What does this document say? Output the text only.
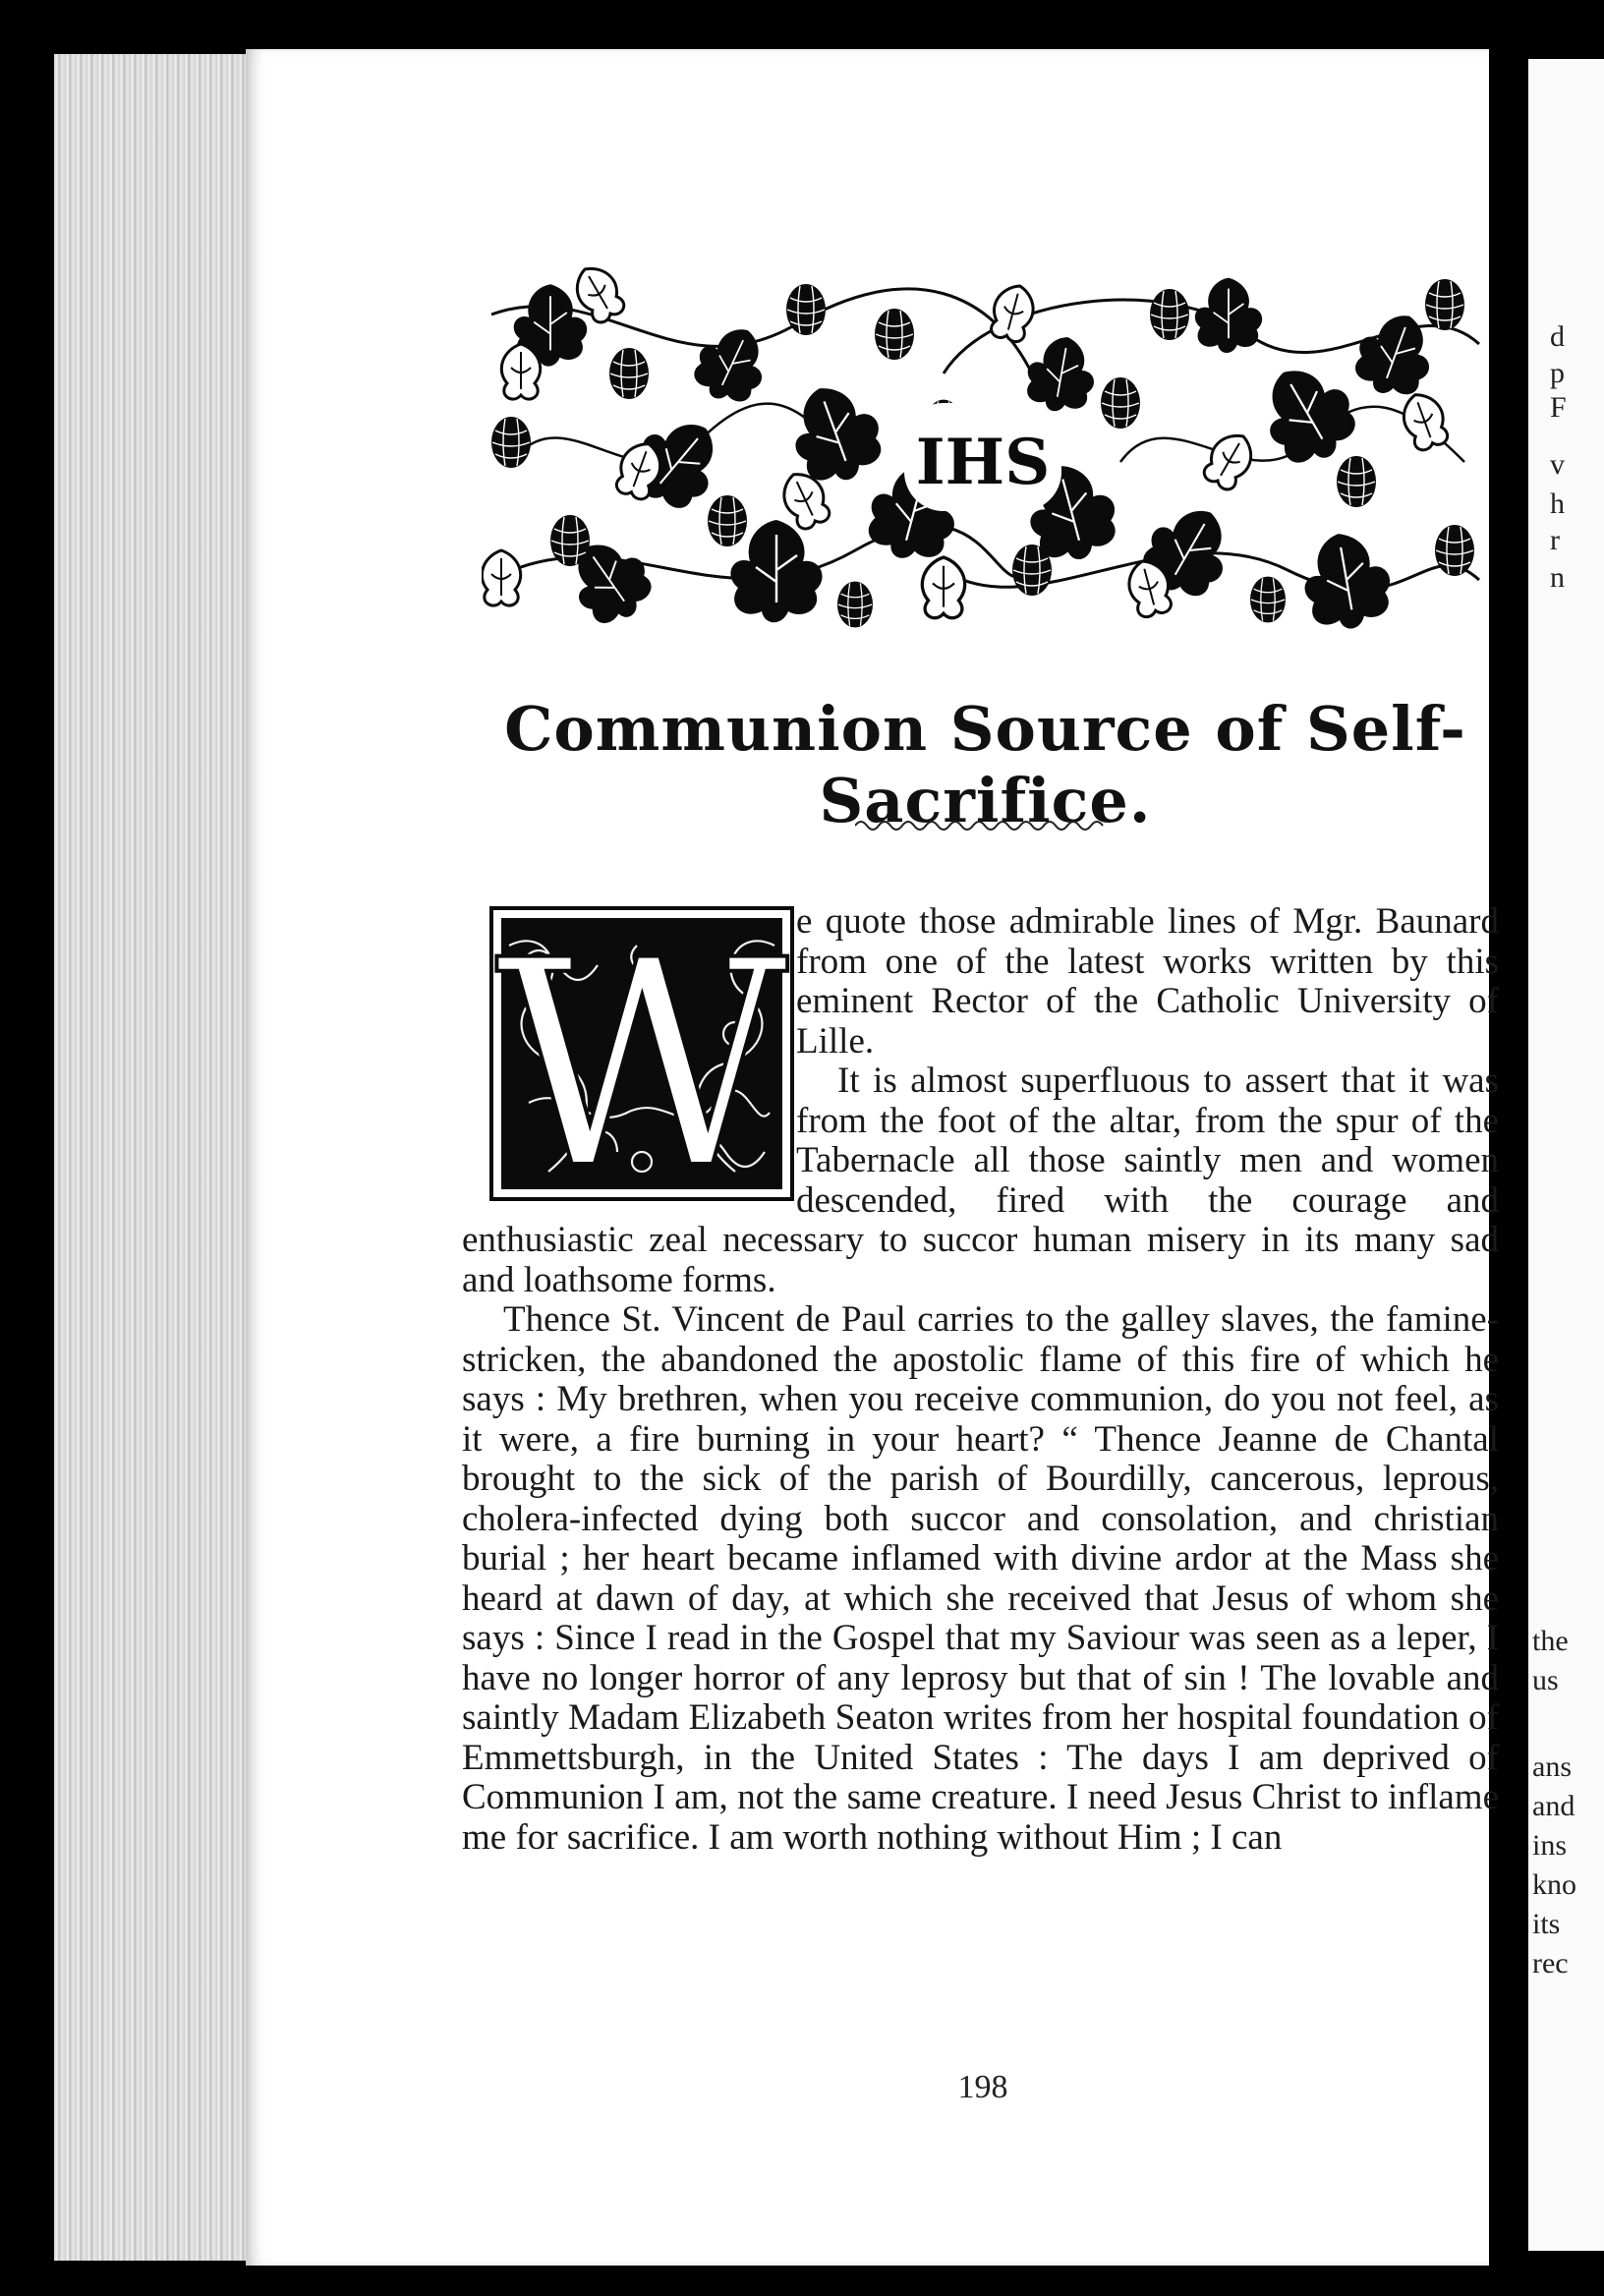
d
p
F
v
h
r
n
the
us
ans
and
ins
kno
its
rec
IHS
Communion Source of Self-Sacrifice.
W e quote those admirable lines of Mgr. Baunard from one of the latest works written by this eminent Rector of the Catholic University of Lille.

It is almost superfluous to assert that it was from the foot of the altar, from the spur of the Tabernacle all those saintly men and women descended, fired with the courage and enthusiastic zeal necessary to succor human misery in its many sad and loathsome forms.

Thence St. Vincent de Paul carries to the galley slaves, the famine-stricken, the abandoned the apostolic flame of this fire of which he says : My brethren, when you receive communion, do you not feel, as it were, a fire burning in your heart? “ Thence Jeanne de Chantal brought to the sick of the parish of Bourdilly, cancerous, leprous, cholera-infected dying both succor and consolation, and christian burial ; her heart became inflamed with divine ardor at the Mass she heard at dawn of day, at which she received that Jesus of whom she says : Since I read in the Gospel that my Saviour was seen as a leper, I have no longer horror of any leprosy but that of sin ! The lovable and saintly Madam Elizabeth Seaton writes from her hospital foundation of Emmettsburgh, in the United States : The days I am deprived of Communion I am, not the same creature. I need Jesus Christ to inflame me for sacrifice. I am worth nothing without Him ; I can

198
